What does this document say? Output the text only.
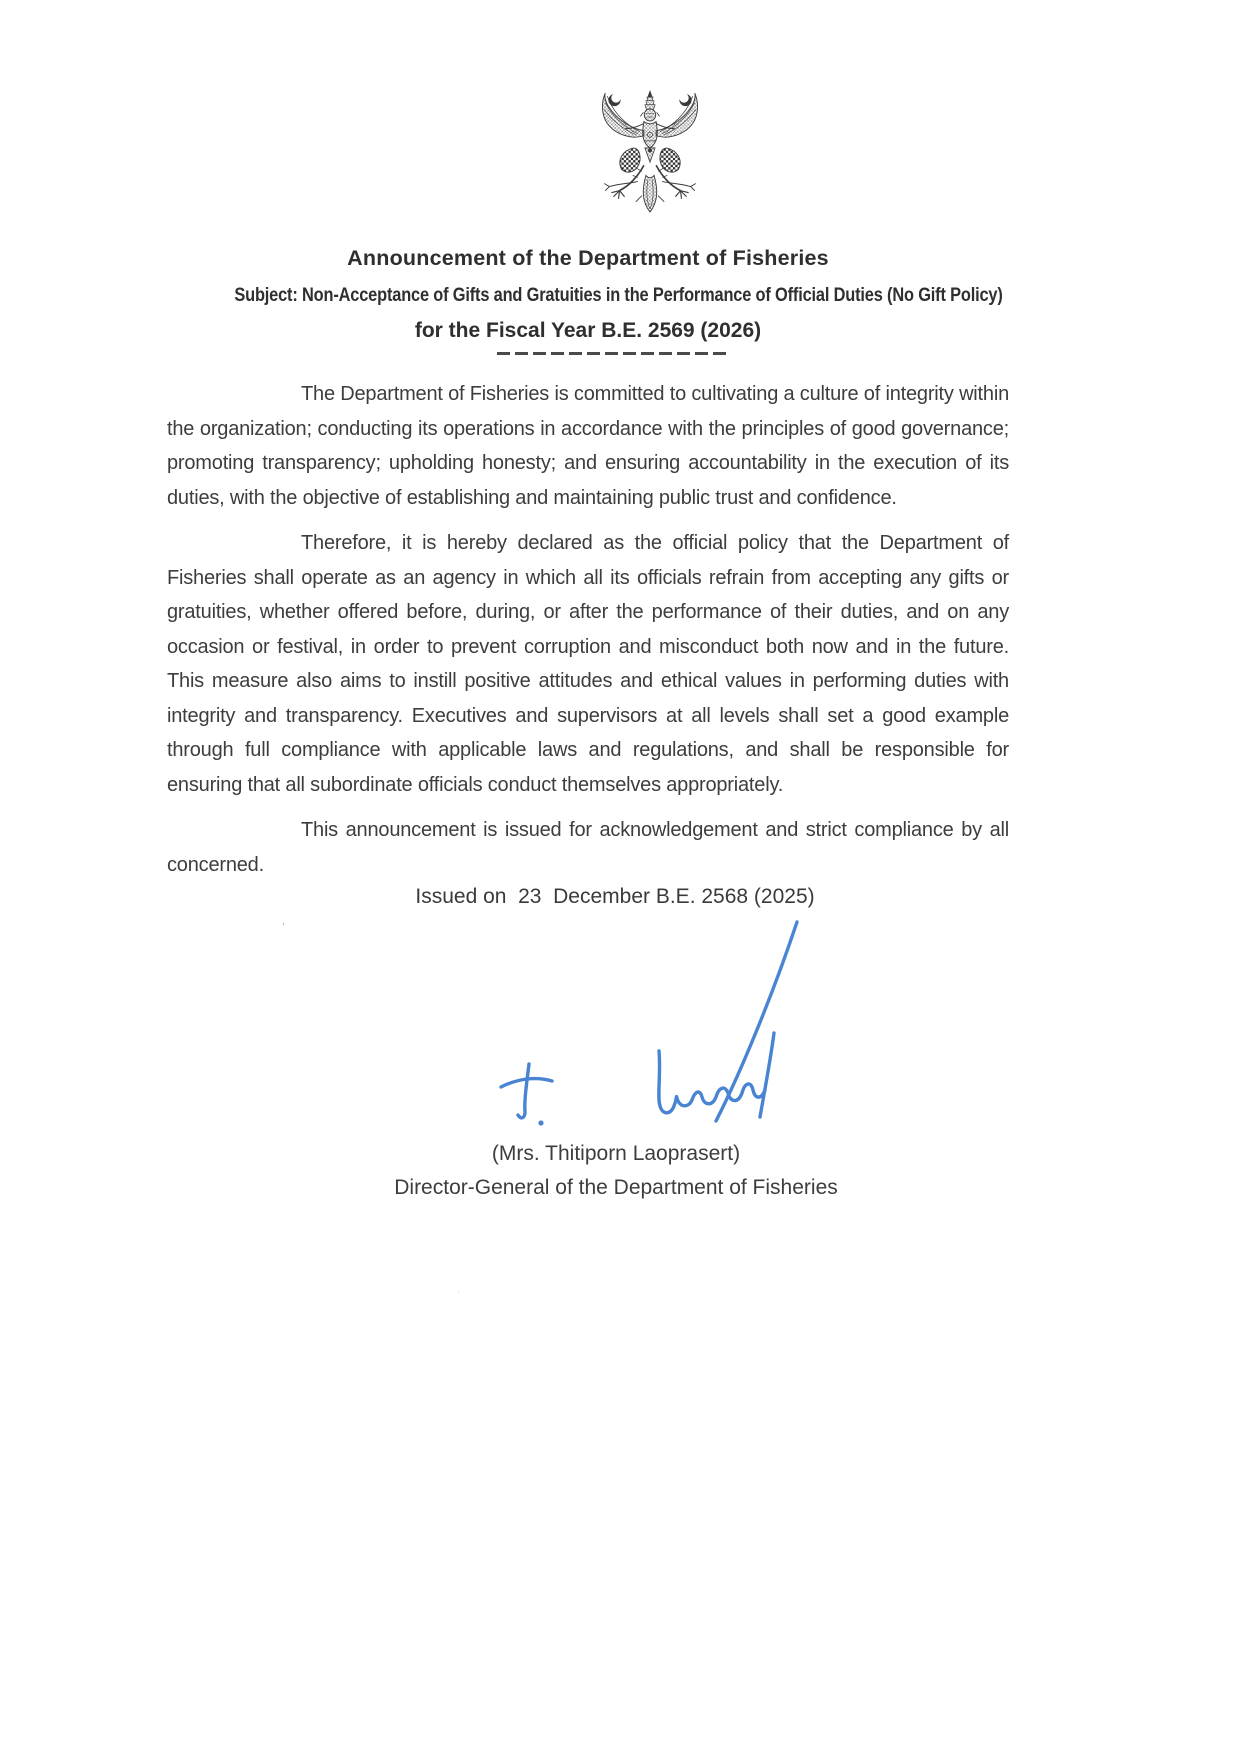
Announcement of the Department of Fisheries
Subject: Non-Acceptance of Gifts and Gratuities in the Performance of Official Duties (No Gift Policy)
for the Fiscal Year B.E. 2569 (2026)

The Department of Fisheries is committed to cultivating a culture of integrity within the organization; conducting its operations in accordance with the principles of good governance; promoting transparency; upholding honesty; and ensuring accountability in the execution of its duties, with the objective of establishing and maintaining public trust and confidence.

Therefore, it is hereby declared as the official policy that the Department of Fisheries shall operate as an agency in which all its officials refrain from accepting any gifts or gratuities, whether offered before, during, or after the performance of their duties, and on any occasion or festival, in order to prevent corruption and misconduct both now and in the future. This measure also aims to instill positive attitudes and ethical values in performing duties with integrity and transparency. Executives and supervisors at all levels shall set a good example through full compliance with applicable laws and regulations, and shall be responsible for ensuring that all subordinate officials conduct themselves appropriately.

This announcement is issued for acknowledgement and strict compliance by all concerned.

Issued on  23  December B.E. 2568 (2025)
(Mrs. Thitiporn Laoprasert)
Director-General of the Department of Fisheries
ˈ
·
